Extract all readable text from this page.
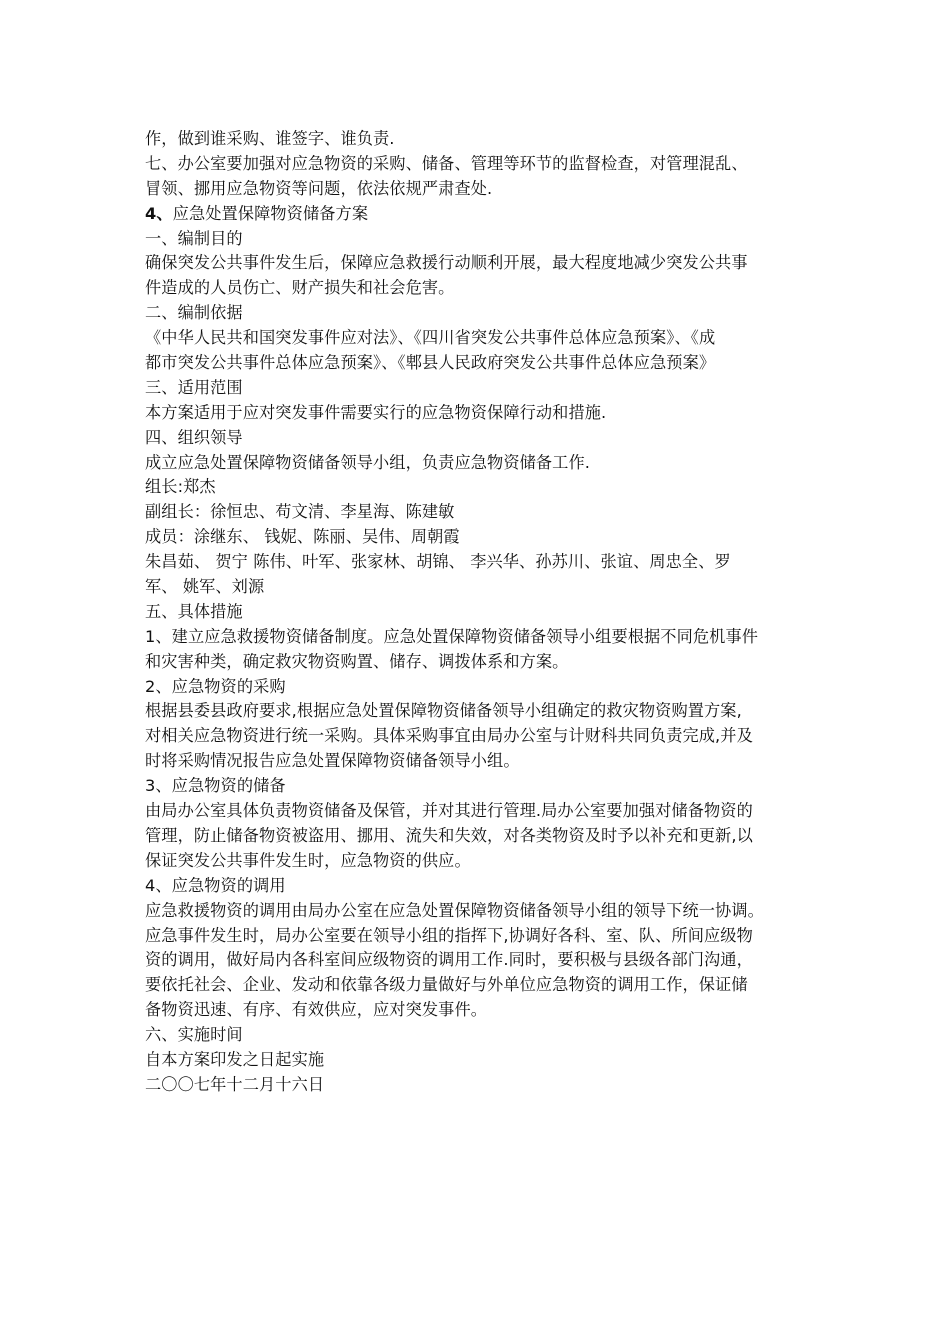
作，做到谁采购、谁签字、谁负责.
七、办公室要加强对应急物资的采购、储备、管理等环节的监督检查，对管理混乱、
冒领、挪用应急物资等问题，依法依规严肃查处.
4、应急处置保障物资储备方案
一、编制目的
确保突发公共事件发生后，保障应急救援行动顺利开展，最大程度地减少突发公共事
件造成的人员伤亡、财产损失和社会危害。
二、编制依据
《中华人民共和国突发事件应对法》、《四川省突发公共事件总体应急预案》、《成
都市突发公共事件总体应急预案》、《郫县人民政府突发公共事件总体应急预案》
三、适用范围
本方案适用于应对突发事件需要实行的应急物资保障行动和措施.
四、组织领导
成立应急处置保障物资储备领导小组，负责应急物资储备工作.
组长:郑杰
副组长：徐恒忠、苟文清、李星海、陈建敏
成员：涂继东、 钱妮、陈丽、吴伟、周朝霞
朱昌茹、 贺宁 陈伟、叶军、张家林、胡锦、 李兴华、孙苏川、张谊、周忠全、罗
军、 姚军、刘源
五、具体措施
1、建立应急救援物资储备制度。应急处置保障物资储备领导小组要根据不同危机事件
和灾害种类，确定救灾物资购置、储存、调拨体系和方案。
2、应急物资的采购
根据县委县政府要求,根据应急处置保障物资储备领导小组确定的救灾物资购置方案,
对相关应急物资进行统一采购。具体采购事宜由局办公室与计财科共同负责完成,并及
时将采购情况报告应急处置保障物资储备领导小组。
3、应急物资的储备
由局办公室具体负责物资储备及保管，并对其进行管理.局办公室要加强对储备物资的
管理，防止储备物资被盗用、挪用、流失和失效，对各类物资及时予以补充和更新,以
保证突发公共事件发生时，应急物资的供应。
4、应急物资的调用
应急救援物资的调用由局办公室在应急处置保障物资储备领导小组的领导下统一协调。
应急事件发生时，局办公室要在领导小组的指挥下,协调好各科、室、队、所间应级物
资的调用，做好局内各科室间应级物资的调用工作.同时，要积极与县级各部门沟通，
要依托社会、企业、发动和依靠各级力量做好与外单位应急物资的调用工作，保证储
备物资迅速、有序、有效供应，应对突发事件。
六、实施时间
自本方案印发之日起实施
二〇〇七年十二月十六日
